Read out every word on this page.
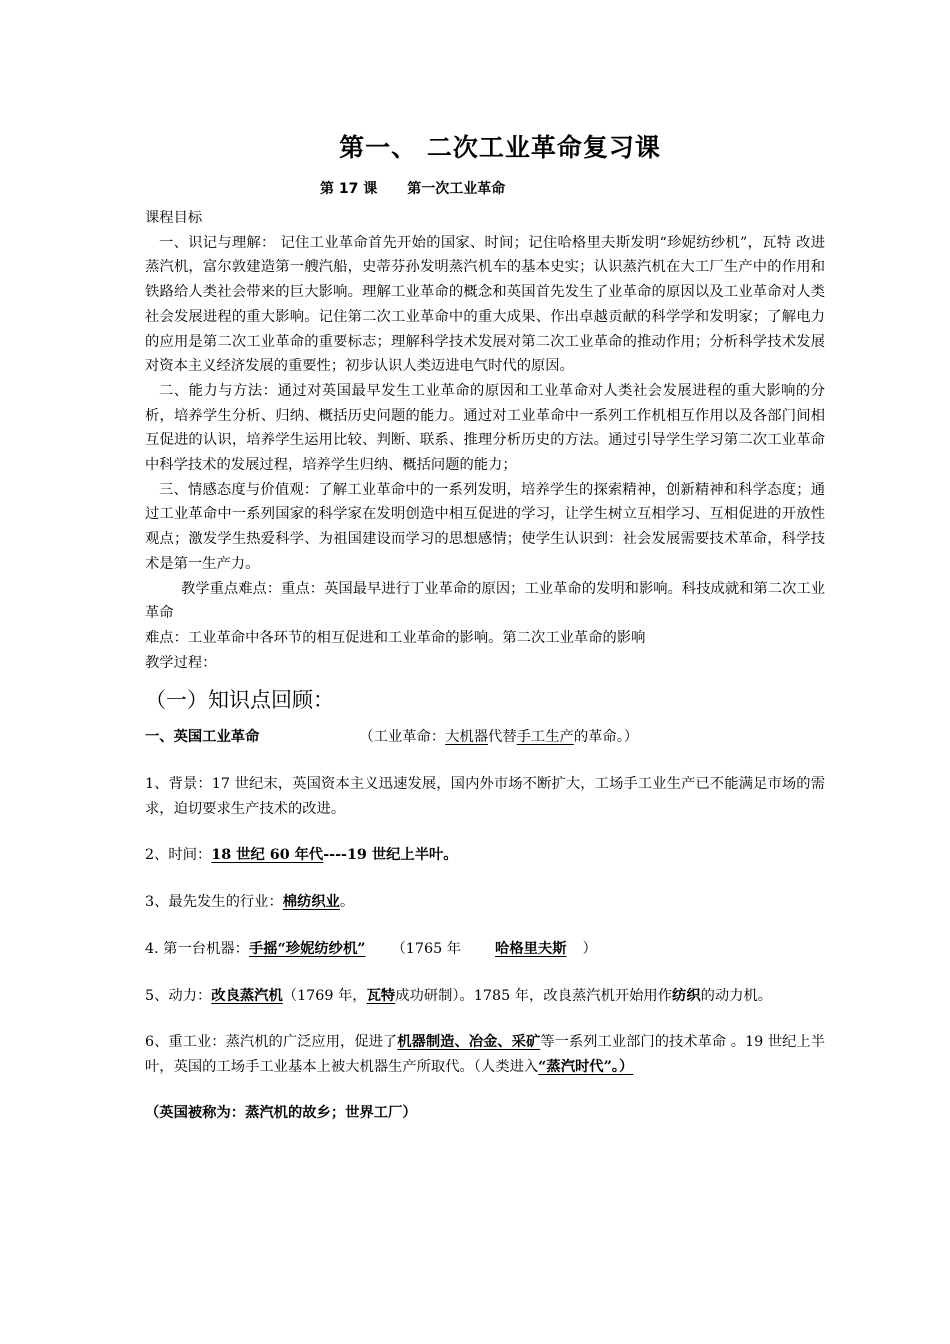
第一、 二次工业革命复习课
第 17 课 第一次工业革命

课程目标

一、识记与理解： 记住工业革命首先开始的国家、时间；记住哈格里夫斯发明“珍妮纺纱机”，瓦特 改进蒸汽机，富尔敦建造第一艘汽船，史蒂芬孙发明蒸汽机车的基本史实；认识蒸汽机在大工厂生产中的作用和铁路给人类社会带来的巨大影响。理解工业革命的概念和英国首先发生了业革命的原因以及工业革命对人类社会发展进程的重大影响。记住第二次工业革命中的重大成果、作出卓越贡献的科学学和发明家；了解电力的应用是第二次工业革命的重要标志；理解科学技术发展对第二次工业革命的推动作用；分析科学技术发展对资本主义经济发展的重要性；初步认识人类迈进电气时代的原因。

二、能力与方法：通过对英国最早发生工业革命的原因和工业革命对人类社会发展进程的重大影响的分析，培养学生分析、归纳、概括历史问题的能力。通过对工业革命中一系列工作机相互作用以及各部门间相互促进的认识，培养学生运用比较、判断、联系、推理分析历史的方法。通过引导学生学习第二次工业革命中科学技术的发展过程，培养学生归纳、概括问题的能力；

三、情感态度与价值观：了解工业革命中的一系列发明，培养学生的探索精神，创新精神和科学态度；通过工业革命中一系列国家的科学家在发明创造中相互促进的学习，让学生树立互相学习、互相促进的开放性观点；激发学生热爱科学、为祖国建设而学习的思想感情；使学生认识到：社会发展需要技术革命，科学技术是第一生产力。

教学重点难点：重点：英国最早进行丁业革命的原因；工业革命的发明和影响。科技成就和第二次工业革命

难点：工业革命中各环节的相互促进和工业革命的影响。第二次工业革命的影响

教学过程：

（一）知识点回顾：
一、英国工业革命	（工业革命：大机器代替手工生产的革命。）
1、背景：17 世纪末，英国资本主义迅速发展，国内外市场不断扩大，工场手工业生产已不能满足市场的需求，迫切要求生产技术的改进。
2、时间：18 世纪 60 年代----19 世纪上半叶。
3、最先发生的行业：棉纺织业。
4. 第一台机器：手摇“珍妮纺纱机” （1765 年 哈格里夫斯 ）
5、动力：改良蒸汽机（1769 年，瓦特成功研制）。1785 年，改良蒸汽机开始用作纺织的动力机。
6、重工业：蒸汽机的广泛应用，促进了机器制造、冶金、采矿等一系列工业部门的技术革命 。19 世纪上半叶，英国的工场手工业基本上被大机器生产所取代。（人类进入“蒸汽时代”。）
（英国被称为：蒸汽机的故乡；世界工厂）
